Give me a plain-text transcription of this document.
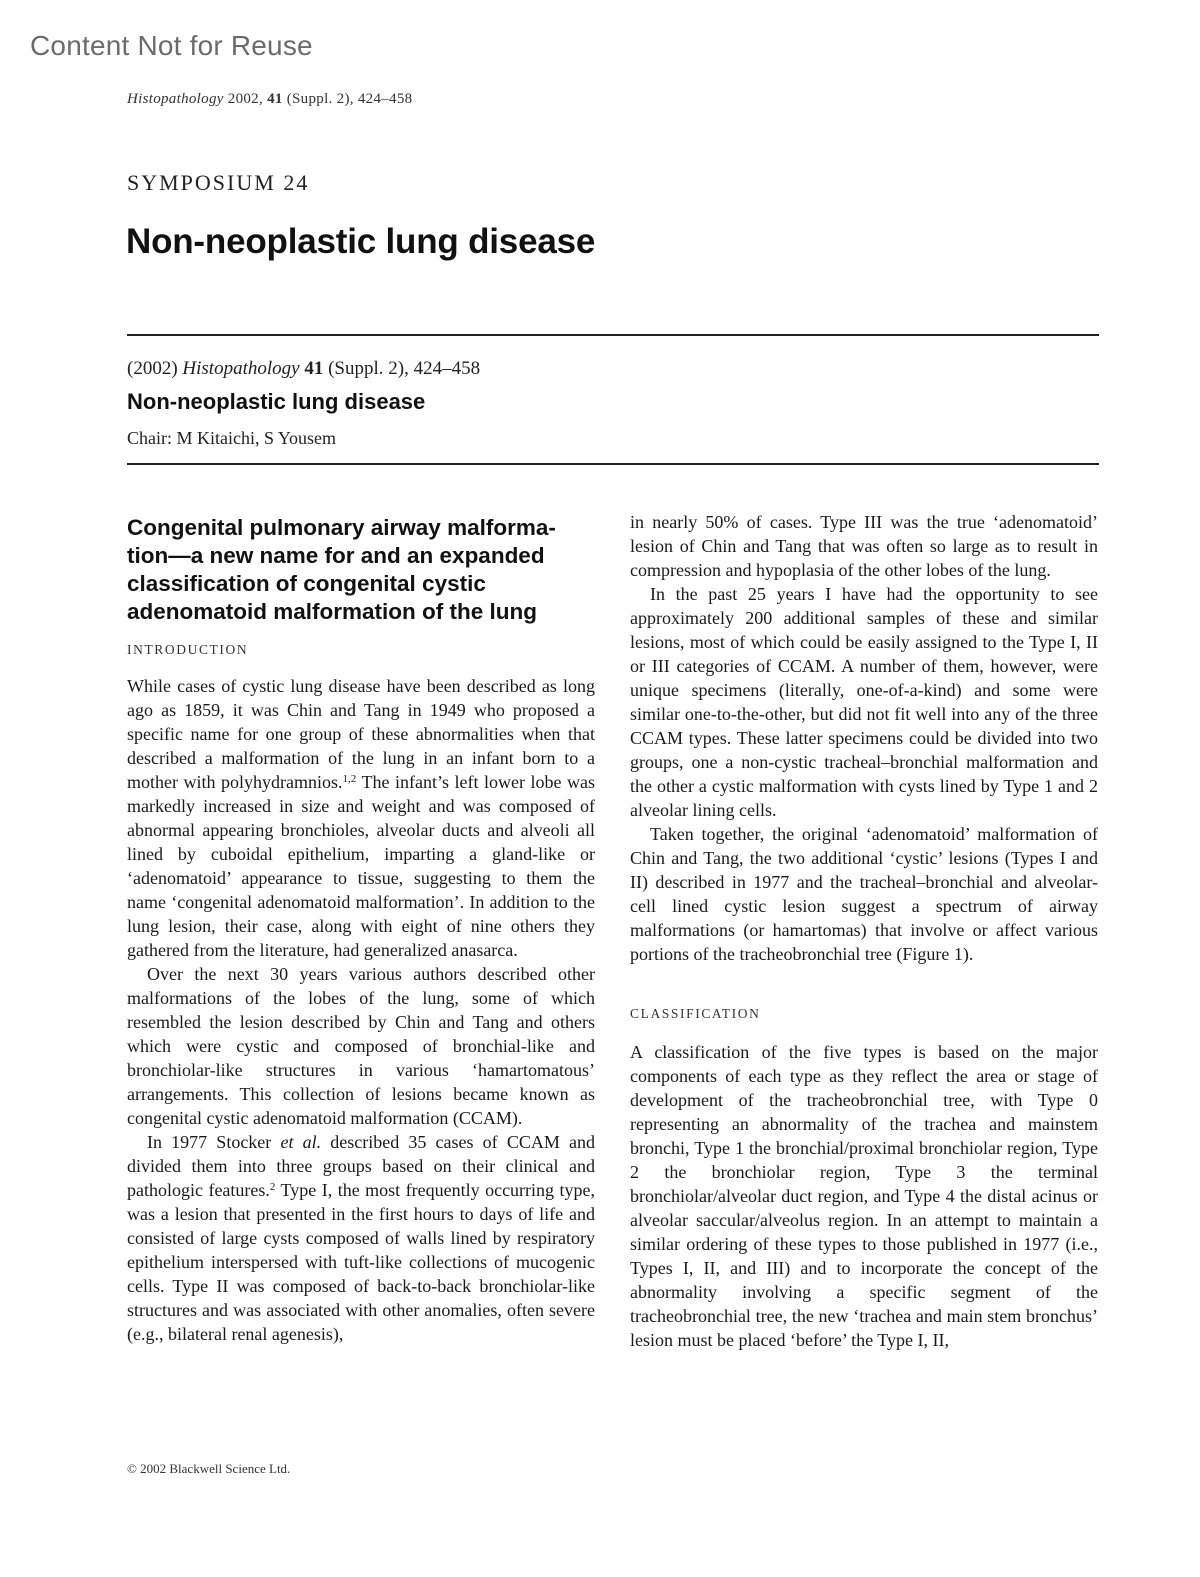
Content Not for Reuse
Histopathology 2002, 41 (Suppl. 2), 424–458
SYMPOSIUM 24
Non-neoplastic lung disease
(2002) Histopathology 41 (Suppl. 2), 424–458
Non-neoplastic lung disease
Chair: M Kitaichi, S Yousem
Congenital pulmonary airway malforma-tion—a new name for and an expanded classification of congenital cystic adenomatoid malformation of the lung
INTRODUCTION

While cases of cystic lung disease have been described as long ago as 1859, it was Chin and Tang in 1949 who proposed a specific name for one group of these abnormalities when that described a malformation of the lung in an infant born to a mother with polyhydramnios.$^{1,2}$ The infant’s left lower lobe was markedly increased in size and weight and was composed of abnormal appearing bronchioles, alveolar ducts and alveoli all lined by cuboidal epithelium, imparting a gland-like or ‘adenomatoid’ appearance to tissue, suggesting to them the name ‘congenital adenomatoid malformation’. In addition to the lung lesion, their case, along with eight of nine others they gathered from the literature, had generalized anasarca.

Over the next 30 years various authors described other malformations of the lobes of the lung, some of which resembled the lesion described by Chin and Tang and others which were cystic and composed of bronchial-like and bronchiolar-like structures in various ‘hamartomatous’ arrangements. This collection of lesions became known as congenital cystic adenomatoid malformation (CCAM).

In 1977 Stocker et al. described 35 cases of CCAM and divided them into three groups based on their clinical and pathologic features.$^2$ Type I, the most frequently occurring type, was a lesion that presented in the first hours to days of life and consisted of large cysts composed of walls lined by respiratory epithelium interspersed with tuft-like collections of mucogenic cells. Type II was composed of back-to-back bronchiolar-like structures and was associated with other anomalies, often severe (e.g., bilateral renal agenesis),

in nearly 50% of cases. Type III was the true ‘adenomatoid’ lesion of Chin and Tang that was often so large as to result in compression and hypoplasia of the other lobes of the lung.

In the past 25 years I have had the opportunity to see approximately 200 additional samples of these and similar lesions, most of which could be easily assigned to the Type I, II or III categories of CCAM. A number of them, however, were unique specimens (literally, one-of-a-kind) and some were similar one-to-the-other, but did not fit well into any of the three CCAM types. These latter specimens could be divided into two groups, one a non-cystic tracheal–bronchial malformation and the other a cystic malformation with cysts lined by Type 1 and 2 alveolar lining cells.

Taken together, the original ‘adenomatoid’ malformation of Chin and Tang, the two additional ‘cystic’ lesions (Types I and II) described in 1977 and the tracheal–bronchial and alveolar-cell lined cystic lesion suggest a spectrum of airway malformations (or hamartomas) that involve or affect various portions of the tracheobronchial tree (Figure 1).

CLASSIFICATION

A classification of the five types is based on the major components of each type as they reflect the area or stage of development of the tracheobronchial tree, with Type 0 representing an abnormality of the trachea and mainstem bronchi, Type 1 the bronchial/proximal bronchiolar region, Type 2 the bronchiolar region, Type 3 the terminal bronchiolar/alveolar duct region, and Type 4 the distal acinus or alveolar saccular/alveolus region. In an attempt to maintain a similar ordering of these types to those published in 1977 (i.e., Types I, II, and III) and to incorporate the concept of the abnormality involving a specific segment of the tracheobronchial tree, the new ‘trachea and main stem bronchus’ lesion must be placed ‘before’ the Type I, II,

© 2002 Blackwell Science Ltd.
